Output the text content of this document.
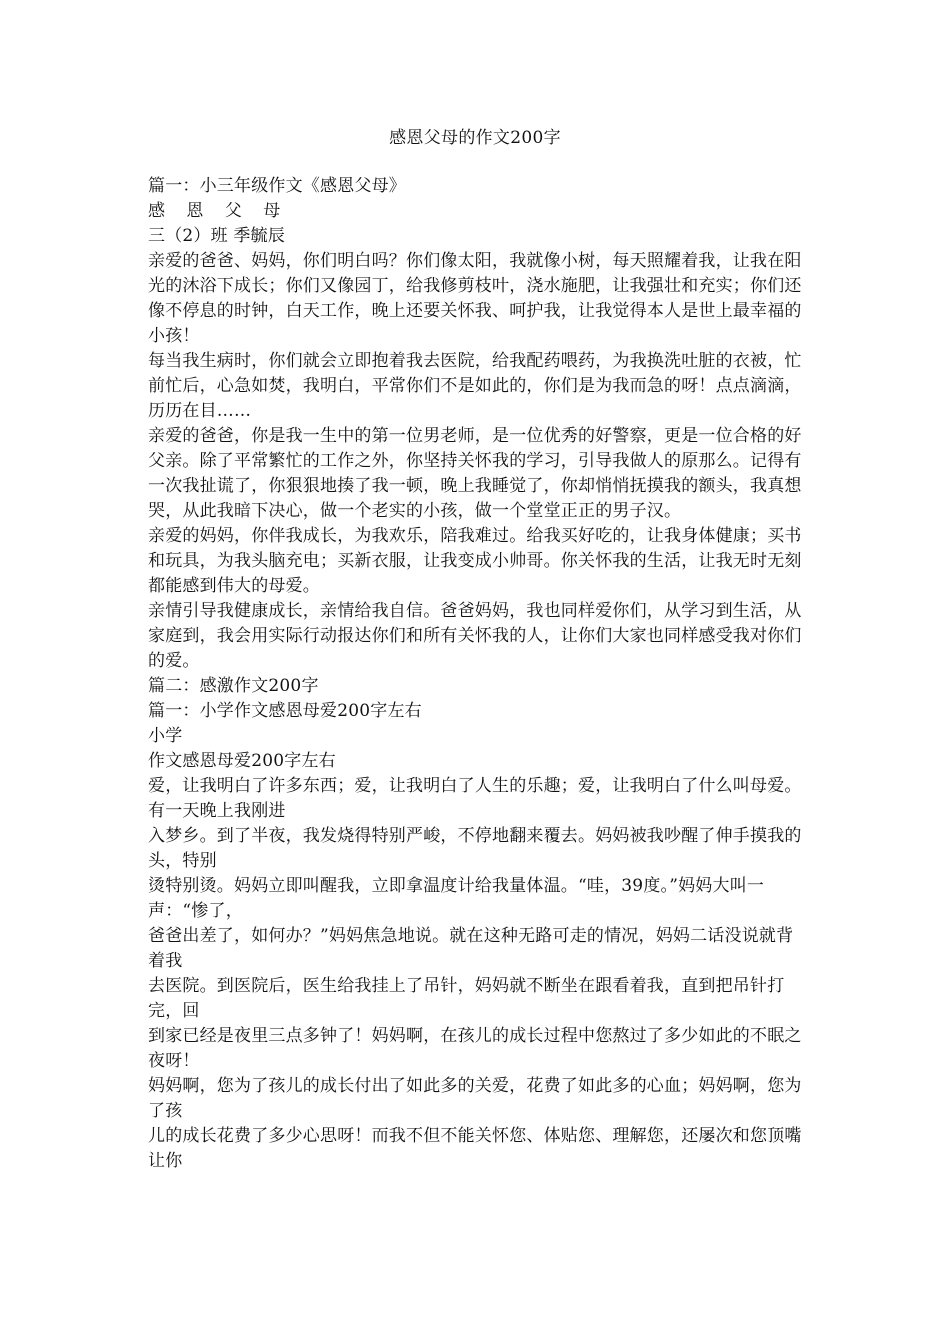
感恩父母的作文200字

篇一：小三年级作文《感恩父母》

感 恩 父 母

三（2）班 季毓辰

亲爱的爸爸、妈妈，你们明白吗？你们像太阳，我就像小树，每天照耀着我，让我在阳光的沐浴下成长；你们又像园丁，给我修剪枝叶，浇水施肥，让我强壮和充实；你们还像不停息的时钟，白天工作，晚上还要关怀我、呵护我，让我觉得本人是世上最幸福的小孩！

每当我生病时，你们就会立即抱着我去医院，给我配药喂药，为我换洗吐脏的衣被，忙前忙后，心急如焚，我明白，平常你们不是如此的，你们是为我而急的呀！点点滴滴，历历在目……

亲爱的爸爸，你是我一生中的第一位男老师，是一位优秀的好警察，更是一位合格的好父亲。除了平常繁忙的工作之外，你坚持关怀我的学习，引导我做人的原那么。记得有一次我扯谎了，你狠狠地揍了我一顿，晚上我睡觉了，你却悄悄抚摸我的额头，我真想哭，从此我暗下决心，做一个老实的小孩，做一个堂堂正正的男子汉。

亲爱的妈妈，你伴我成长，为我欢乐，陪我难过。给我买好吃的，让我身体健康；买书和玩具，为我头脑充电；买新衣服，让我变成小帅哥。你关怀我的生活，让我无时无刻都能感到伟大的母爱。

亲情引导我健康成长，亲情给我自信。爸爸妈妈，我也同样爱你们，从学习到生活，从家庭到，我会用实际行动报达你们和所有关怀我的人，让你们大家也同样感受我对你们的爱。

篇二：感激作文200字

篇一：小学作文感恩母爱200字左右

小学

作文感恩母爱200字左右

爱，让我明白了许多东西；爱，让我明白了人生的乐趣；爱，让我明白了什么叫母爱。

有一天晚上我刚进

入梦乡。到了半夜，我发烧得特别严峻，不停地翻来覆去。妈妈被我吵醒了伸手摸我的头，特别

烫特别烫。妈妈立即叫醒我，立即拿温度计给我量体温。“哇，39度。”妈妈大叫一声：“惨了，

爸爸出差了，如何办？”妈妈焦急地说。就在这种无路可走的情况，妈妈二话没说就背着我

去医院。到医院后，医生给我挂上了吊针，妈妈就不断坐在跟看着我，直到把吊针打完，回

到家已经是夜里三点多钟了！妈妈啊，在孩儿的成长过程中您熬过了多少如此的不眠之夜呀！

妈妈啊，您为了孩儿的成长付出了如此多的关爱，花费了如此多的心血；妈妈啊，您为了孩

儿的成长花费了多少心思呀！而我不但不能关怀您、体贴您、理解您，还屡次和您顶嘴让你
